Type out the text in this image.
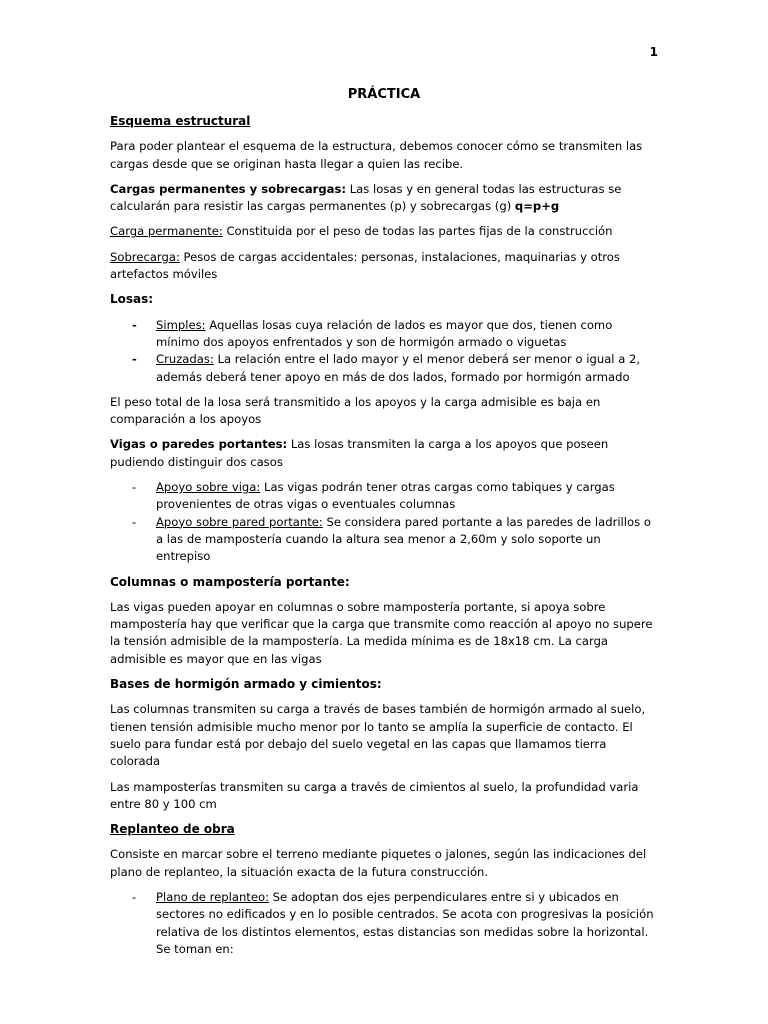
1
PRÁCTICA
Esquema estructural

Para poder plantear el esquema de la estructura, debemos conocer cómo se transmiten las cargas desde que se originan hasta llegar a quien las recibe.

Cargas permanentes y sobrecargas: Las losas y en general todas las estructuras se calcularán para resistir las cargas permanentes (p) y sobrecargas (g) q=p+g

Carga permanente: Constituida por el peso de todas las partes fijas de la construcción

Sobrecarga: Pesos de cargas accidentales: personas, instalaciones, maquinarias y otros artefactos móviles

Losas:
- Simples: Aquellas losas cuya relación de lados es mayor que dos, tienen como mínimo dos apoyos enfrentados y son de hormigón armado o viguetas
- Cruzadas: La relación entre el lado mayor y el menor deberá ser menor o igual a 2, además deberá tener apoyo en más de dos lados, formado por hormigón armado

El peso total de la losa será transmitido a los apoyos y la carga admisible es baja en comparación a los apoyos

Vigas o paredes portantes: Las losas transmiten la carga a los apoyos que poseen pudiendo distinguir dos casos

- Apoyo sobre viga: Las vigas podrán tener otras cargas como tabiques y cargas provenientes de otras vigas o eventuales columnas
- Apoyo sobre pared portante: Se considera pared portante a las paredes de ladrillos o a las de mampostería cuando la altura sea menor a 2,60m y solo soporte un entrepiso
Columnas o mampostería portante:

Las vigas pueden apoyar en columnas o sobre mampostería portante, si apoya sobre mampostería hay que verificar que la carga que transmite como reacción al apoyo no supere la tensión admisible de la mampostería. La medida mínima es de 18x18 cm. La carga admisible es mayor que en las vigas

Bases de hormigón armado y cimientos:

Las columnas transmiten su carga a través de bases también de hormigón armado al suelo, tienen tensión admisible mucho menor por lo tanto se amplía la superficie de contacto. El suelo para fundar está por debajo del suelo vegetal en las capas que llamamos tierra colorada

Las mamposterías transmiten su carga a través de cimientos al suelo, la profundidad varia entre 80 y 100 cm

Replanteo de obra

Consiste en marcar sobre el terreno mediante piquetes o jalones, según las indicaciones del plano de replanteo, la situación exacta de la futura construcción.

- Plano de replanteo: Se adoptan dos ejes perpendiculares entre si y ubicados en sectores no edificados y en lo posible centrados. Se acota con progresivas la posición relativa de los distintos elementos, estas distancias son medidas sobre la horizontal. Se toman en:
